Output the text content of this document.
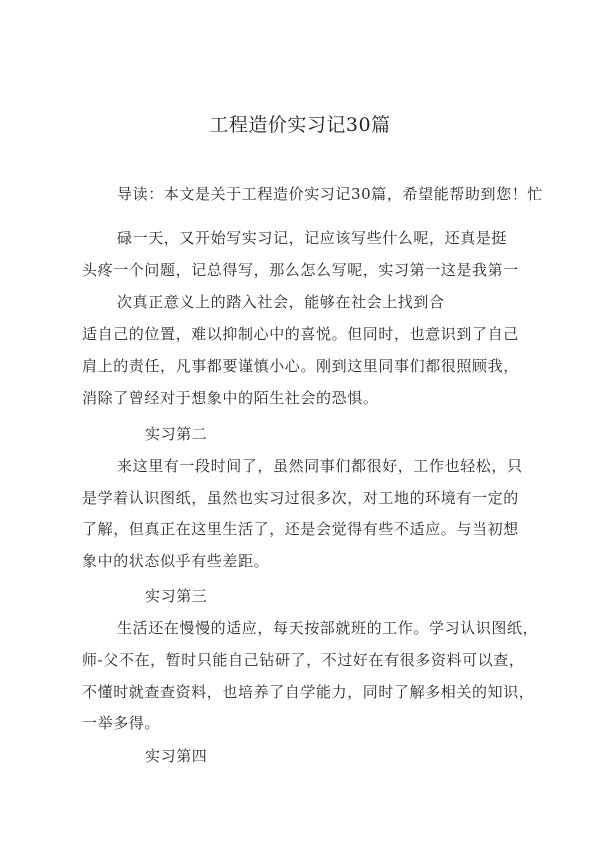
工程造价实习记30篇
导读：本文是关于工程造价实习记30篇，希望能帮助到您！忙
碌一天，又开始写实习记，记应该写些什么呢，还真是挺
头疼一个问题，记总得写，那么怎么写呢，实习第一这是我第一
次真正意义上的踏入社会，能够在社会上找到合
适自己的位置，难以抑制心中的喜悦。但同时，也意识到了自己
肩上的责任，凡事都要谨慎小心。刚到这里同事们都很照顾我，
消除了曾经对于想象中的陌生社会的恐惧。
实习第二
来这里有一段时间了，虽然同事们都很好，工作也轻松，只
是学着认识图纸，虽然也实习过很多次，对工地的环境有一定的
了解，但真正在这里生活了，还是会觉得有些不适应。与当初想
象中的状态似乎有些差距。
实习第三
生活还在慢慢的适应，每天按部就班的工作。学习认识图纸，
师-父不在，暂时只能自己钻研了，不过好在有很多资料可以查，
不懂时就查查资料，也培养了自学能力，同时了解多相关的知识，
一举多得。
实习第四
